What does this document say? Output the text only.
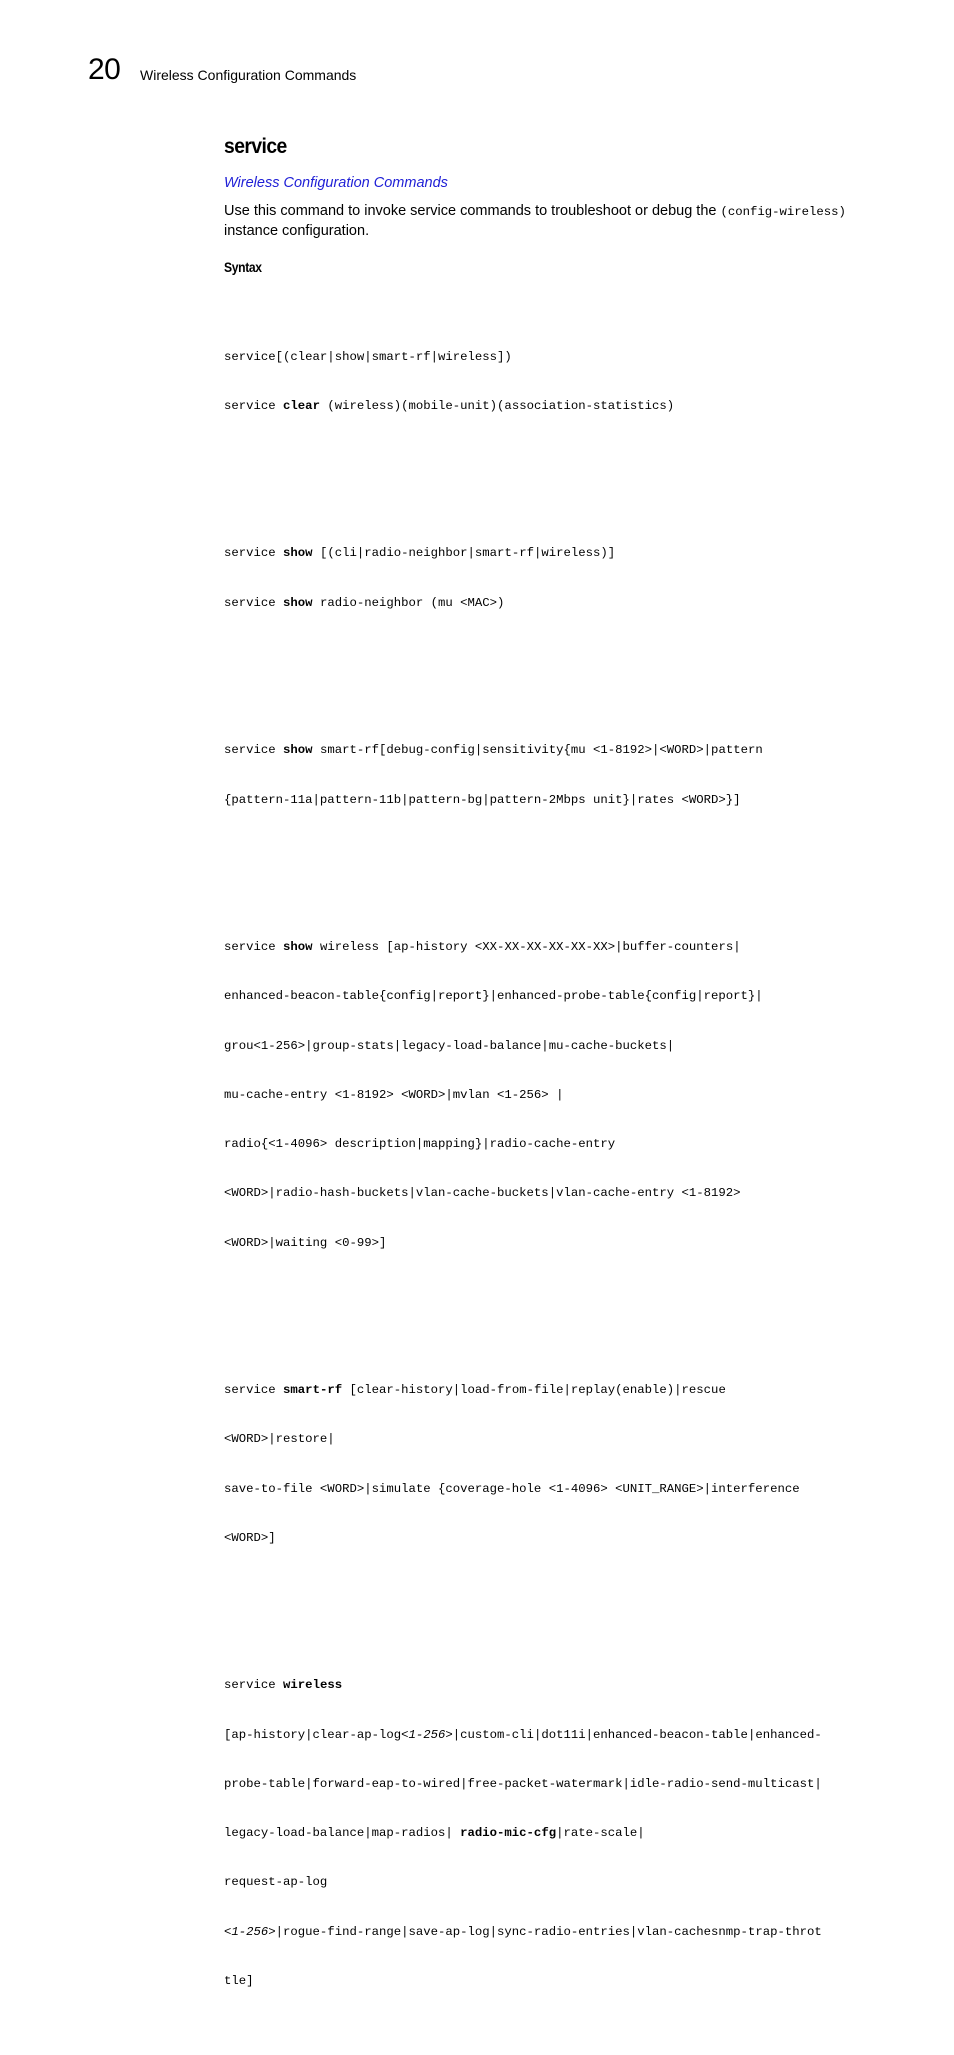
20 Wireless Configuration Commands
service
Wireless Configuration Commands

Use this command to invoke service commands to troubleshoot or debug the (config-wireless) instance configuration.

Syntax

service[(clear|show|smart-rf|wireless])

service clear (wireless)(mobile-unit)(association-statistics)

service show [(cli|radio-neighbor|smart-rf|wireless)]

service show radio-neighbor (mu <MAC>)

service show smart-rf[debug-config|sensitivity{mu <1-8192>|<WORD>|pattern

{pattern-11a|pattern-11b|pattern-bg|pattern-2Mbps unit}|rates <WORD>}]

service show wireless [ap-history <XX-XX-XX-XX-XX-XX>|buffer-counters|

enhanced-beacon-table{config|report}|enhanced-probe-table{config|report}|

grou<1-256>|group-stats|legacy-load-balance|mu-cache-buckets|

mu-cache-entry <1-8192> <WORD>|mvlan <1-256> |

radio{<1-4096> description|mapping}|radio-cache-entry

<WORD>|radio-hash-buckets|vlan-cache-buckets|vlan-cache-entry <1-8192>

<WORD>|waiting <0-99>]

service smart-rf [clear-history|load-from-file|replay(enable)|rescue

<WORD>|restore|

save-to-file <WORD>|simulate {coverage-hole <1-4096> <UNIT_RANGE>|interference

<WORD>]

service wireless

[ap-history|clear-ap-log<1-256>|custom-cli|dot11i|enhanced-beacon-table|enhanced-

probe-table|forward-eap-to-wired|free-packet-watermark|idle-radio-send-multicast|

legacy-load-balance|map-radios| radio-mic-cfg|rate-scale|

request-ap-log

<1-256>|rogue-find-range|save-ap-log|sync-radio-entries|vlan-cachesnmp-trap-throt

tle]
